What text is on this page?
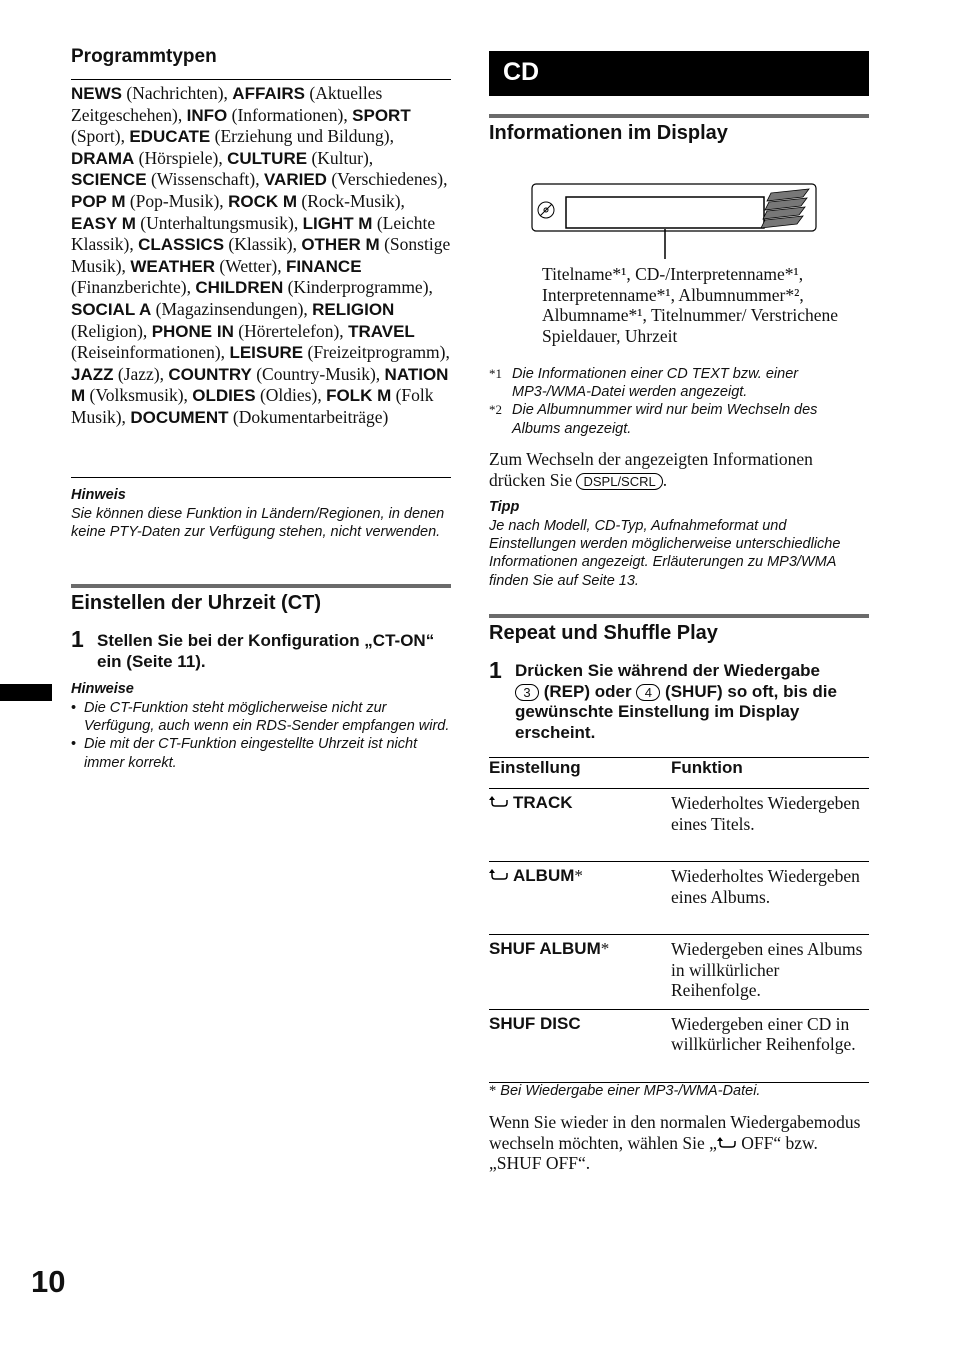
Programmtypen
NEWS (Nachrichten), AFFAIRS (Aktuelles Zeitgeschehen), INFO (Informationen), SPORT (Sport), EDUCATE (Erziehung und Bildung), DRAMA (Hörspiele), CULTURE (Kultur), SCIENCE (Wissenschaft), VARIED (Verschiedenes), POP M (Pop-Musik), ROCK M (Rock-Musik), EASY M (Unterhaltungsmusik), LIGHT M (Leichte Klassik), CLASSICS (Klassik), OTHER M (Sonstige Musik), WEATHER (Wetter), FINANCE (Finanzberichte), CHILDREN (Kinderprogramme), SOCIAL A (Magazinsendungen), RELIGION (Religion), PHONE IN (Hörertelefon), TRAVEL (Reiseinformationen), LEISURE (Freizeitprogramm), JAZZ (Jazz), COUNTRY (Country-Musik), NATION M (Volksmusik), OLDIES (Oldies), FOLK M (Folk Musik), DOCUMENT (Dokumentarbeiträge)
Hinweis
Sie können diese Funktion in Ländern/Regionen, in denen keine PTY-Daten zur Verfügung stehen, nicht verwenden.
Einstellen der Uhrzeit (CT)
1 Stellen Sie bei der Konfiguration „CT-ON“ ein (Seite 11).
Hinweise
• Die CT-Funktion steht möglicherweise nicht zur Verfügung, auch wenn ein RDS-Sender empfangen wird.
• Die mit der CT-Funktion eingestellte Uhrzeit ist nicht immer korrekt.
CD
Informationen im Display
Titelname*¹, CD-/Interpretenname*¹, Interpretenname*¹, Albumnummer*², Albumname*¹, Titelnummer/ Verstrichene Spieldauer, Uhrzeit
*1 Die Informationen einer CD TEXT bzw. einer MP3-/WMA-Datei werden angezeigt.
*2 Die Albumnummer wird nur beim Wechseln des Albums angezeigt.
Zum Wechseln der angezeigten Informationen drücken Sie DSPL/SCRL .
Tipp
Je nach Modell, CD-Typ, Aufnahmeformat und Einstellungen werden möglicherweise unterschiedliche Informationen angezeigt. Erläuterungen zu MP3/WMA finden Sie auf Seite 13.
Repeat und Shuffle Play
1 Drücken Sie während der Wiedergabe
3 (REP) oder 4 (SHUF) so oft, bis die gewünschte Einstellung im Display erscheint.
Einstellung	Funktion
TRACK	Wiederholtes Wiedergeben eines Titels.
ALBUM*	Wiederholtes Wiedergeben eines Albums.
SHUF ALBUM*	Wiedergeben eines Albums in willkürlicher Reihenfolge.
SHUF DISC	Wiedergeben einer CD in willkürlicher Reihenfolge.
* Bei Wiedergabe einer MP3-/WMA-Datei.
Wenn Sie wieder in den normalen Wiedergabemodus wechseln möchten, wählen Sie „ OFF“ bzw. „SHUF OFF“.
10
